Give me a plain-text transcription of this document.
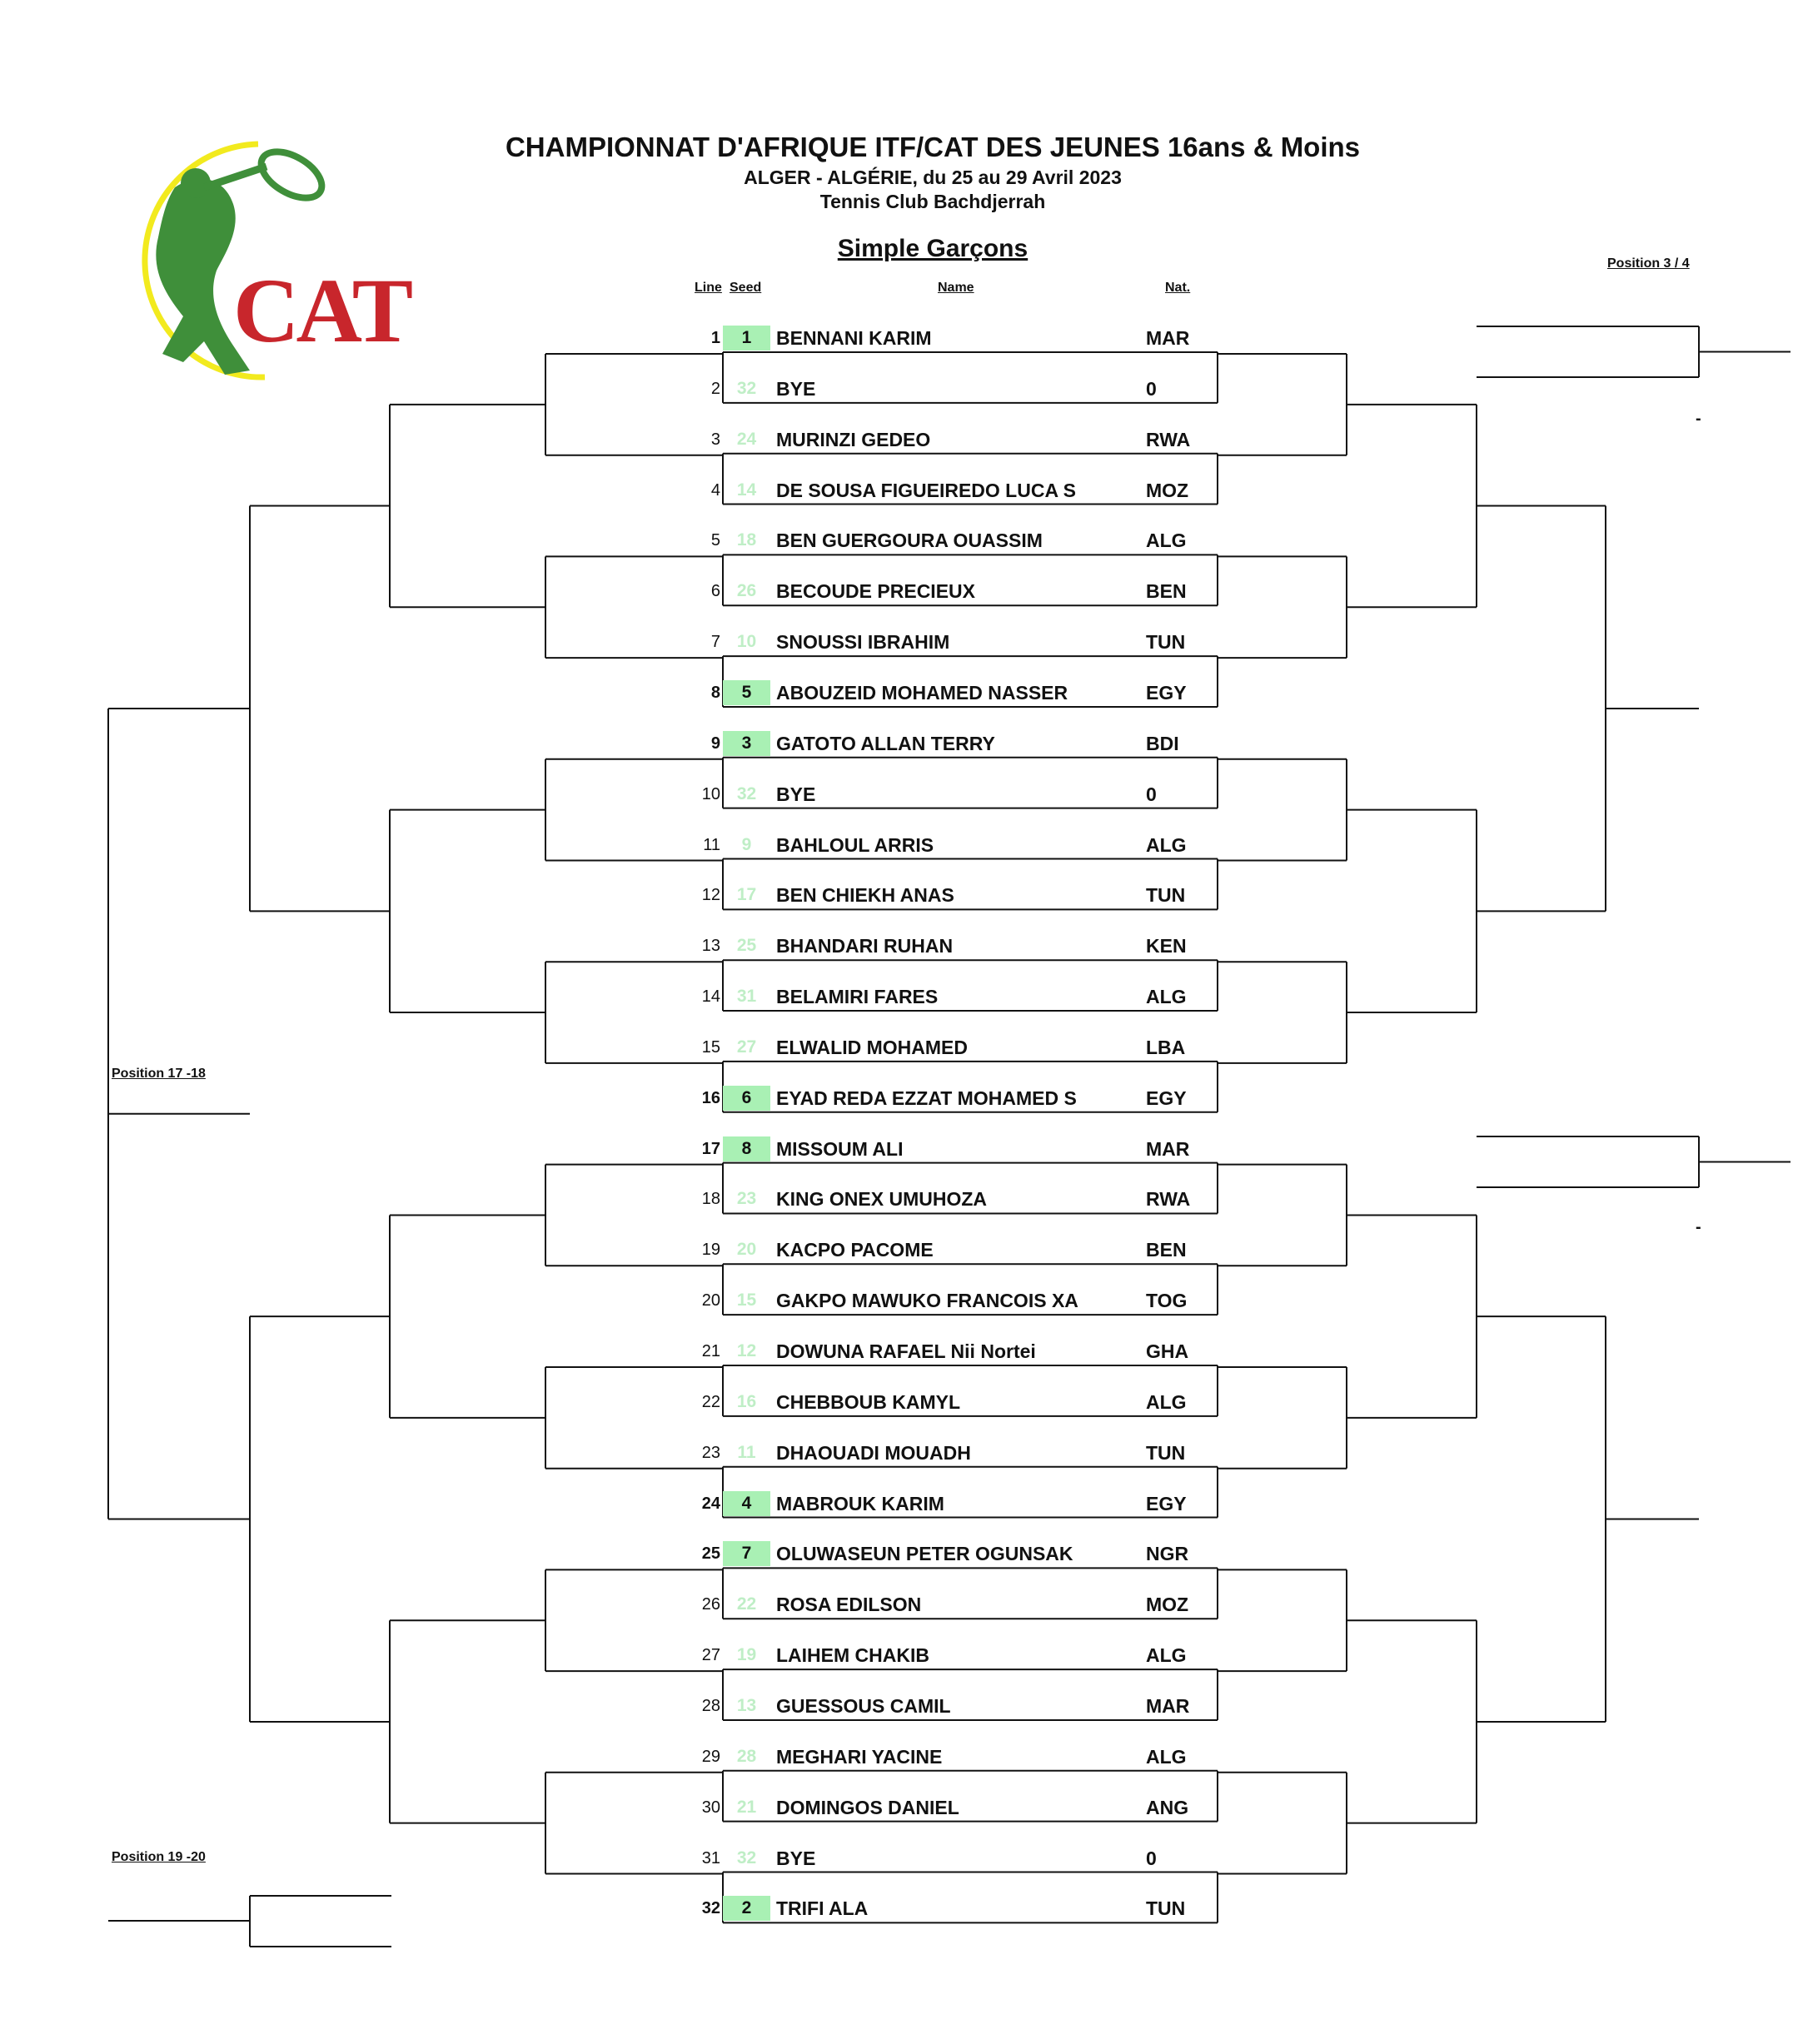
CAT
CHAMPIONNAT D'AFRIQUE ITF/CAT DES JEUNES 16ans & Moins
ALGER - ALGÉRIE, du 25 au 29 Avril 2023
Tennis Club Bachdjerrah
Simple Garçons
Line Seed	Name	Nat.
Position 3 / 4
Position 17 -18
Position 19 -20
-
-
1	1	BENNANI KARIM	MAR
2 32	BYE	0
3 24	MURINZI GEDEO	RWA
4 14	DE SOUSA FIGUEIREDO LUCA S	MOZ
5 18	BEN GUERGOURA OUASSIM	ALG
6 26	BECOUDE PRECIEUX	BEN
7 10	SNOUSSI IBRAHIM	TUN
8	5	ABOUZEID MOHAMED NASSER	EGY
9	3	GATOTO ALLAN TERRY	BDI
10 32	BYE	0
11	9	BAHLOUL ARRIS	ALG
12 17	BEN CHIEKH ANAS	TUN
13 25	BHANDARI RUHAN	KEN
14 31	BELAMIRI FARES	ALG
15 27	ELWALID MOHAMED	LBA
16	6	EYAD REDA EZZAT MOHAMED S	EGY
17	8	MISSOUM ALI	MAR
18 23	KING ONEX UMUHOZA	RWA
19 20	KACPO PACOME	BEN
20 15	GAKPO MAWUKO FRANCOIS XA	TOG
21 12	DOWUNA RAFAEL Nii Nortei	GHA
22 16	CHEBBOUB KAMYL	ALG
23 11	DHAOUADI MOUADH	TUN
24	4	MABROUK KARIM	EGY
25	7	OLUWASEUN PETER OGUNSAK	NGR
26 22	ROSA EDILSON	MOZ
27 19	LAIHEM CHAKIB	ALG
28 13	GUESSOUS CAMIL	MAR
29 28	MEGHARI YACINE	ALG
30 21	DOMINGOS DANIEL	ANG
31 32	BYE	0
32	2	TRIFI ALA	TUN
